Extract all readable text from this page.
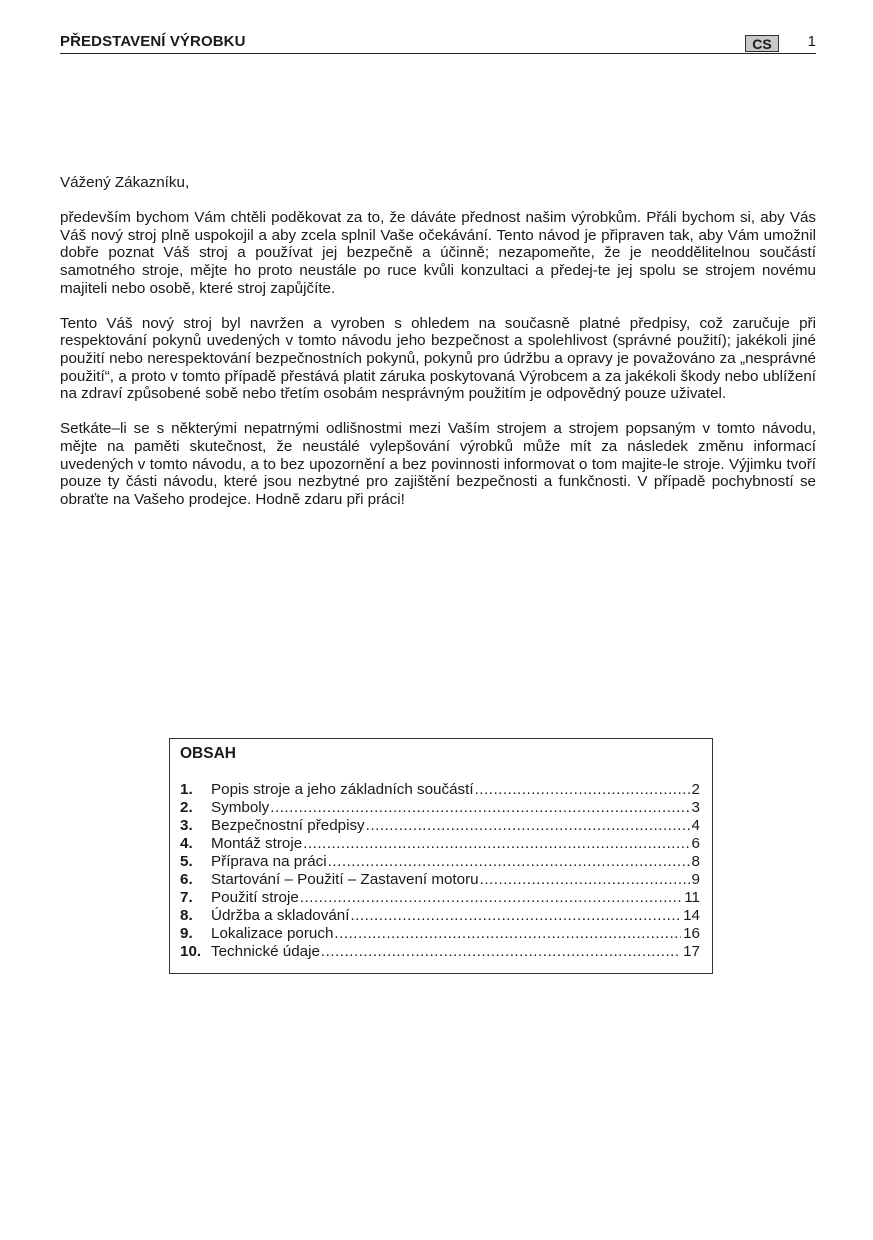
PŘEDSTAVENÍ VÝROBKU	CS	1

Vážený Zákazníku,

především bychom Vám chtěli poděkovat za to, že dáváte přednost našim výrobkům. Přáli bychom si, aby Vás Váš nový stroj plně uspokojil a aby zcela splnil Vaše očekávání. Tento návod je připraven tak, aby Vám umožnil dobře poznat Váš stroj a používat jej bezpečně a účinně; nezapomeňte, že je neoddělitelnou součástí samotného stroje, mějte ho proto neustále po ruce kvůli konzultaci a předej-te jej spolu se strojem novému majiteli nebo osobě, které stroj zapůjčíte.

Tento Váš nový stroj byl navržen a vyroben s ohledem na současně platné předpisy, což zaručuje při respektování pokynů uvedených v tomto návodu jeho bezpečnost a spolehlivost (správné použití); jakékoli jiné použití nebo nerespektování bezpečnostních pokynů, pokynů pro údržbu a opravy je považováno za „nesprávné použití“, a proto v tomto případě přestává platit záruka poskytovaná Výrobcem a za jakékoli škody nebo ublížení na zdraví způsobené sobě nebo třetím osobám nesprávným použitím je odpovědný pouze uživatel.

Setkáte–li se s některými nepatrnými odlišnostmi mezi Vaším strojem a strojem popsaným v tomto návodu, mějte na paměti skutečnost, že neustálé vylepšování výrobků může mít za následek změnu informací uvedených v tomto návodu, a to bez upozornění a bez povinnosti informovat o tom majite-le stroje. Výjimku tvoří pouze ty části návodu, které jsou nezbytné pro zajištění bezpečnosti a funkčnosti. V případě pochybností se obraťte na Vašeho prodejce. Hodně zdaru při práci!

OBSAH
1.	Popis stroje a jeho základních součástí .....	2
2.	Symboly .....	3
3.	Bezpečnostní předpisy .....	4
4.	Montáž stroje .....	6
5.	Příprava na práci .....	8
6.	Startování – Použití – Zastavení motoru .....	9
7.	Použití stroje .....	11
8.	Údržba a skladování .....	14
9.	Lokalizace poruch .....	16
10. Technické údaje .....	17
